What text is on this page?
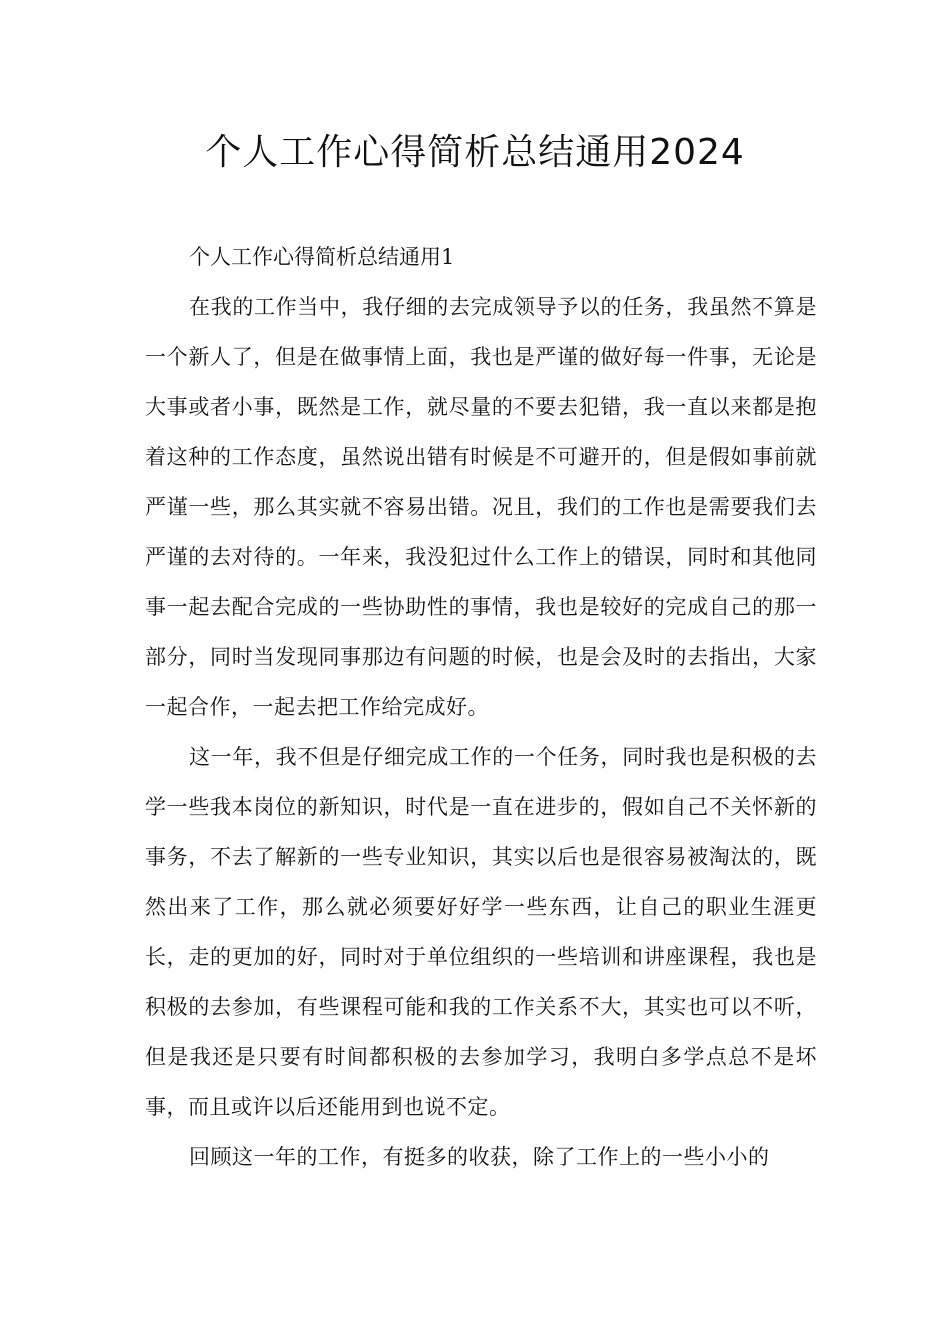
个人工作心得简析总结通用2024

个人工作心得简析总结通用1

在我的工作当中，我仔细的去完成领导予以的任务，我虽然不算是一个新人了，但是在做事情上面，我也是严谨的做好每一件事，无论是大事或者小事，既然是工作，就尽量的不要去犯错，我一直以来都是抱着这种的工作态度，虽然说出错有时候是不可避开的，但是假如事前就严谨一些，那么其实就不容易出错。况且，我们的工作也是需要我们去严谨的去对待的。一年来，我没犯过什么工作上的错误，同时和其他同事一起去配合完成的一些协助性的事情，我也是较好的完成自己的那一部分，同时当发现同事那边有问题的时候，也是会及时的去指出，大家一起合作，一起去把工作给完成好。

这一年，我不但是仔细完成工作的一个任务，同时我也是积极的去学一些我本岗位的新知识，时代是一直在进步的，假如自己不关怀新的事务，不去了解新的一些专业知识，其实以后也是很容易被淘汰的，既然出来了工作，那么就必须要好好学一些东西，让自己的职业生涯更长，走的更加的好，同时对于单位组织的一些培训和讲座课程，我也是积极的去参加，有些课程可能和我的工作关系不大，其实也可以不听，但是我还是只要有时间都积极的去参加学习，我明白多学点总不是坏事，而且或许以后还能用到也说不定。

回顾这一年的工作，有挺多的收获，除了工作上的一些小小的
